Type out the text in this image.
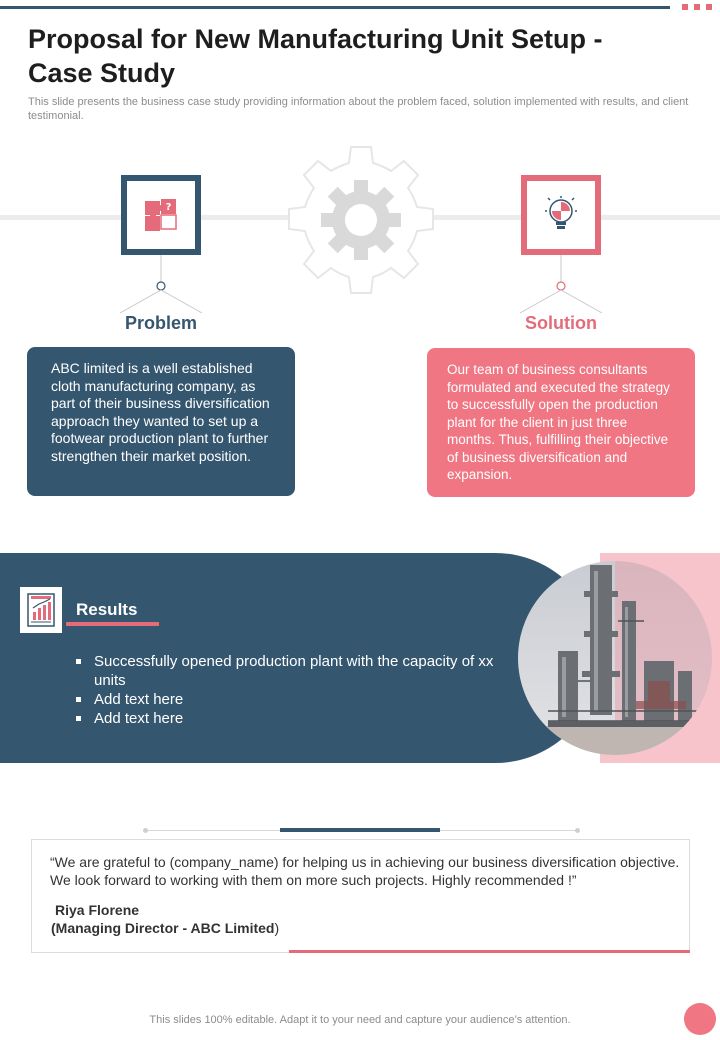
Proposal for New Manufacturing Unit Setup - Case Study

This slide presents the business case study providing information about the problem faced, solution implemented with results, and client testimonial.

?
Problem

ABC limited is a well established cloth manufacturing company, as part of their business diversification approach they wanted to set up a footwear production plant to further strengthen their market position.

Solution

Our team of business consultants formulated and executed the strategy to successfully open the production plant for the client in just three months. Thus, fulfilling their objective of business diversification and expansion.

Results
Successfully opened production plant with the capacity of xx units
Add text here
Add text here

“We are grateful to (company_name) for helping us in achieving our business diversification objective. We look forward to working with them on more such projects. Highly recommended !”

Riya Florene
(Managing Director - ABC Limited)
This slides 100% editable. Adapt it to your need and capture your audience’s attention.
